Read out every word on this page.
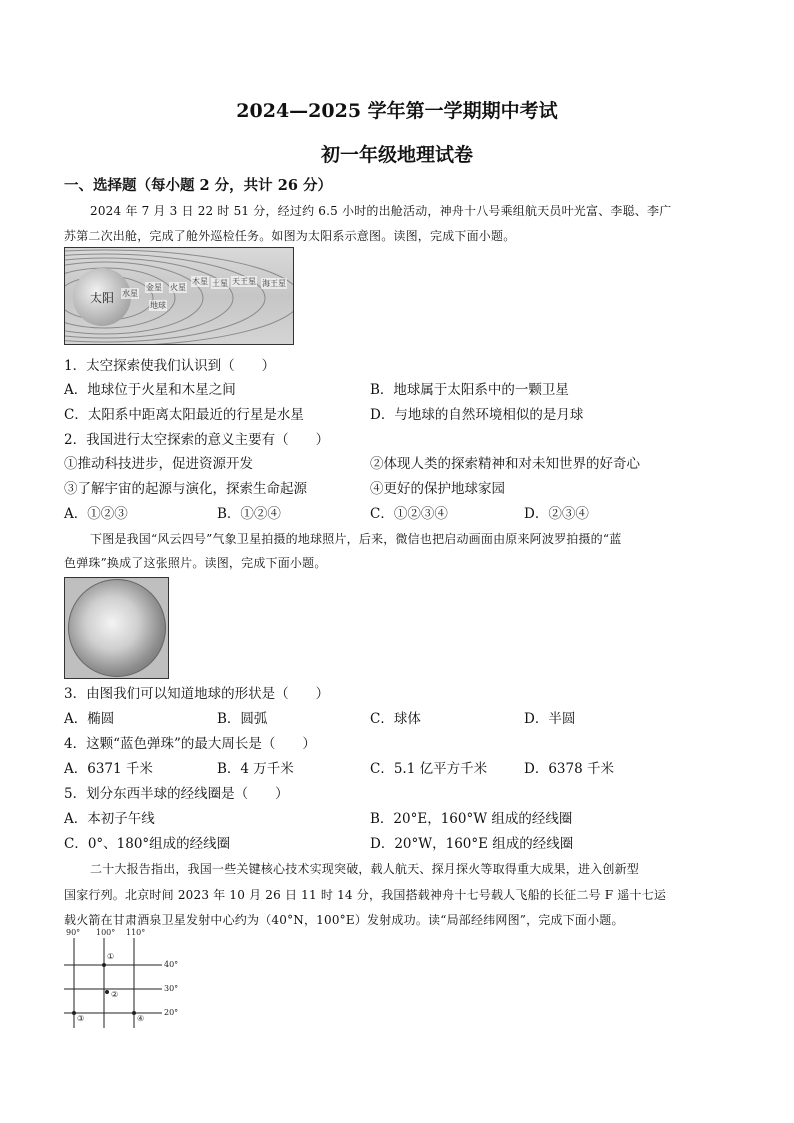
2024—2025 学年第一学期期中考试
初一年级地理试卷
一、选择题（每小题 2 分，共计 26 分）
2024 年 7 月 3 日 22 时 51 分，经过约 6.5 小时的出舱活动，神舟十八号乘组航天员叶光富、李聪、李广
苏第二次出舱，完成了舱外巡检任务。如图为太阳系示意图。读图，完成下面小题。
太阳 水星
金星
地球
火星
木星 土星 天王星 海王星
1．太空探索使我们认识到（　　）
A．地球位于火星和木星之间	B．地球属于太阳系中的一颗卫星
C．太阳系中距离太阳最近的行星是水星	D．与地球的自然环境相似的是月球
2．我国进行太空探索的意义主要有（　　）
①推动科技进步，促进资源开发	②体现人类的探索精神和对未知世界的好奇心
③了解宇宙的起源与演化，探索生命起源	④更好的保护地球家园
A．①②③	B．①②④	C．①②③④	D．②③④
下图是我国“风云四号”气象卫星拍摄的地球照片，后来，微信也把启动画面由原来阿波罗拍摄的“蓝
色弹珠”换成了这张照片。读图，完成下面小题。
3．由图我们可以知道地球的形状是（　　）
A．椭圆	B．圆弧	C．球体	D．半圆
4．这颗“蓝色弹珠”的最大周长是（　　）
A．6371 千米	B．4 万千米	C．5.1 亿平方千米	D．6378 千米
5．划分东西半球的经线圈是（　　）
A．本初子午线	B．20°E，160°W 组成的经线圈
C．0°、180°组成的经线圈	D．20°W，160°E 组成的经线圈
二十大报告指出，我国一些关键核心技术实现突破，载人航天、探月探火等取得重大成果，进入创新型
国家行列。北京时间 2023 年 10 月 26 日 11 时 14 分，我国搭载神舟十七号载人飞船的长征二号 F 遥十七运
载火箭在甘肃酒泉卫星发射中心约为（40°N，100°E）发射成功。读“局部经纬网图”，完成下面小题。
90° 100° 110°
40°
30°
20°
①
②
③	④
